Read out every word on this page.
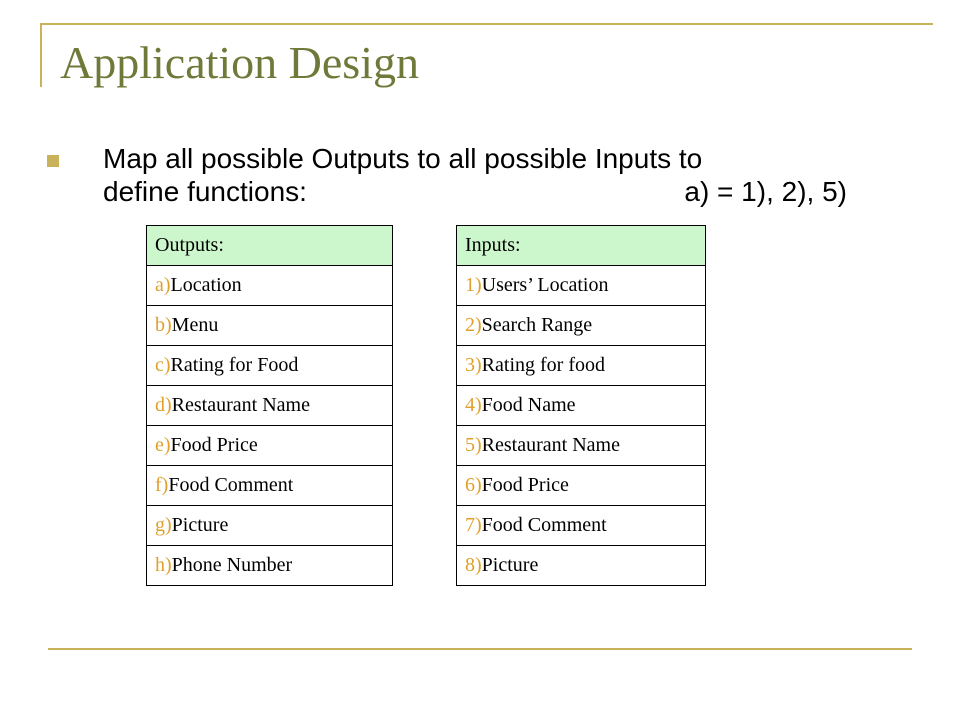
Application Design
Map all possible Outputs to all possible Inputs to
define functions:	a) = 1), 2), 5)
Outputs:
a)Location
b)Menu
c)Rating for Food
d)Restaurant Name
e)Food Price
f)Food Comment
g)Picture
h)Phone Number
Inputs:
1)Users’ Location
2)Search Range
3)Rating for food
4)Food Name
5)Restaurant Name
6)Food Price
7)Food Comment
8)Picture
